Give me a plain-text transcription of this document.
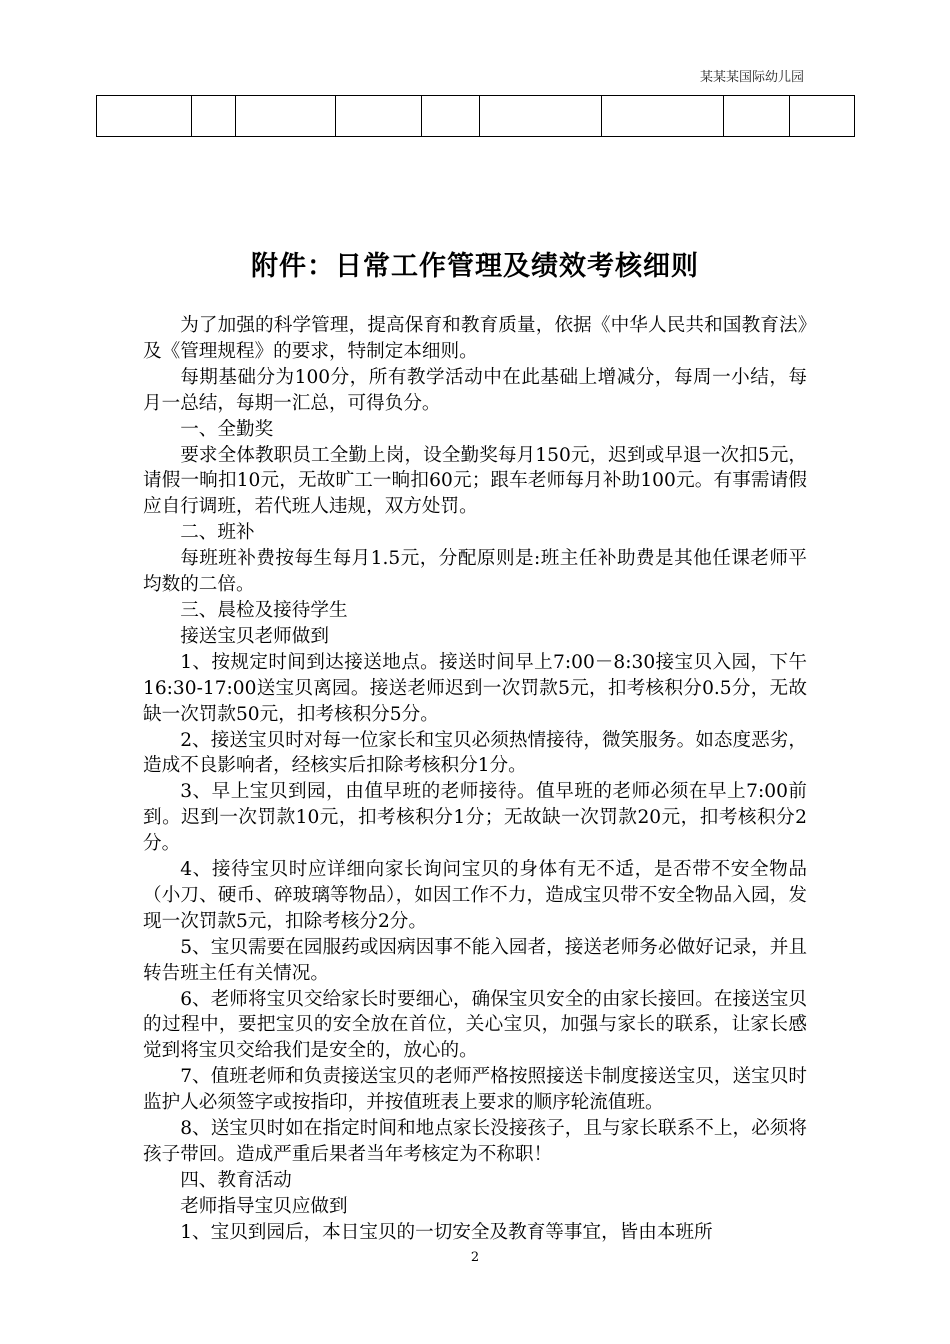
某某某国际幼儿园

附件：日常工作管理及绩效考核细则

为了加强的科学管理，提高保育和教育质量，依据《中华人民共和国教育法》及《管理规程》的要求，特制定本细则。

每期基础分为100分，所有教学活动中在此基础上增减分，每周一小结，每月一总结，每期一汇总，可得负分。

一、全勤奖

要求全体教职员工全勤上岗，设全勤奖每月150元，迟到或早退一次扣5元，请假一晌扣10元，无故旷工一晌扣60元；跟车老师每月补助100元。有事需请假应自行调班，若代班人违规，双方处罚。

二、班补

每班班补费按每生每月1.5元，分配原则是:班主任补助费是其他任课老师平均数的二倍。

三、晨检及接待学生

接送宝贝老师做到

1、按规定时间到达接送地点。接送时间早上7:00－8:30接宝贝入园，下午16:30-17:00送宝贝离园。接送老师迟到一次罚款5元，扣考核积分0.5分，无故缺一次罚款50元，扣考核积分5分。

2、接送宝贝时对每一位家长和宝贝必须热情接待，微笑服务。如态度恶劣，造成不良影响者，经核实后扣除考核积分1分。

3、早上宝贝到园，由值早班的老师接待。值早班的老师必须在早上7:00前到。迟到一次罚款10元，扣考核积分1分；无故缺一次罚款20元，扣考核积分2分。

4、接待宝贝时应详细向家长询问宝贝的身体有无不适，是否带不安全物品（小刀、硬币、碎玻璃等物品），如因工作不力，造成宝贝带不安全物品入园，发现一次罚款5元，扣除考核分2分。

5、宝贝需要在园服药或因病因事不能入园者，接送老师务必做好记录，并且转告班主任有关情况。

6、老师将宝贝交给家长时要细心，确保宝贝安全的由家长接回。在接送宝贝的过程中，要把宝贝的安全放在首位，关心宝贝，加强与家长的联系，让家长感觉到将宝贝交给我们是安全的，放心的。

7、值班老师和负责接送宝贝的老师严格按照接送卡制度接送宝贝，送宝贝时监护人必须签字或按指印，并按值班表上要求的顺序轮流值班。

8、送宝贝时如在指定时间和地点家长没接孩子，且与家长联系不上，必须将孩子带回。造成严重后果者当年考核定为不称职！

四、教育活动

老师指导宝贝应做到

1、宝贝到园后，本日宝贝的一切安全及教育等事宜，皆由本班所

2
